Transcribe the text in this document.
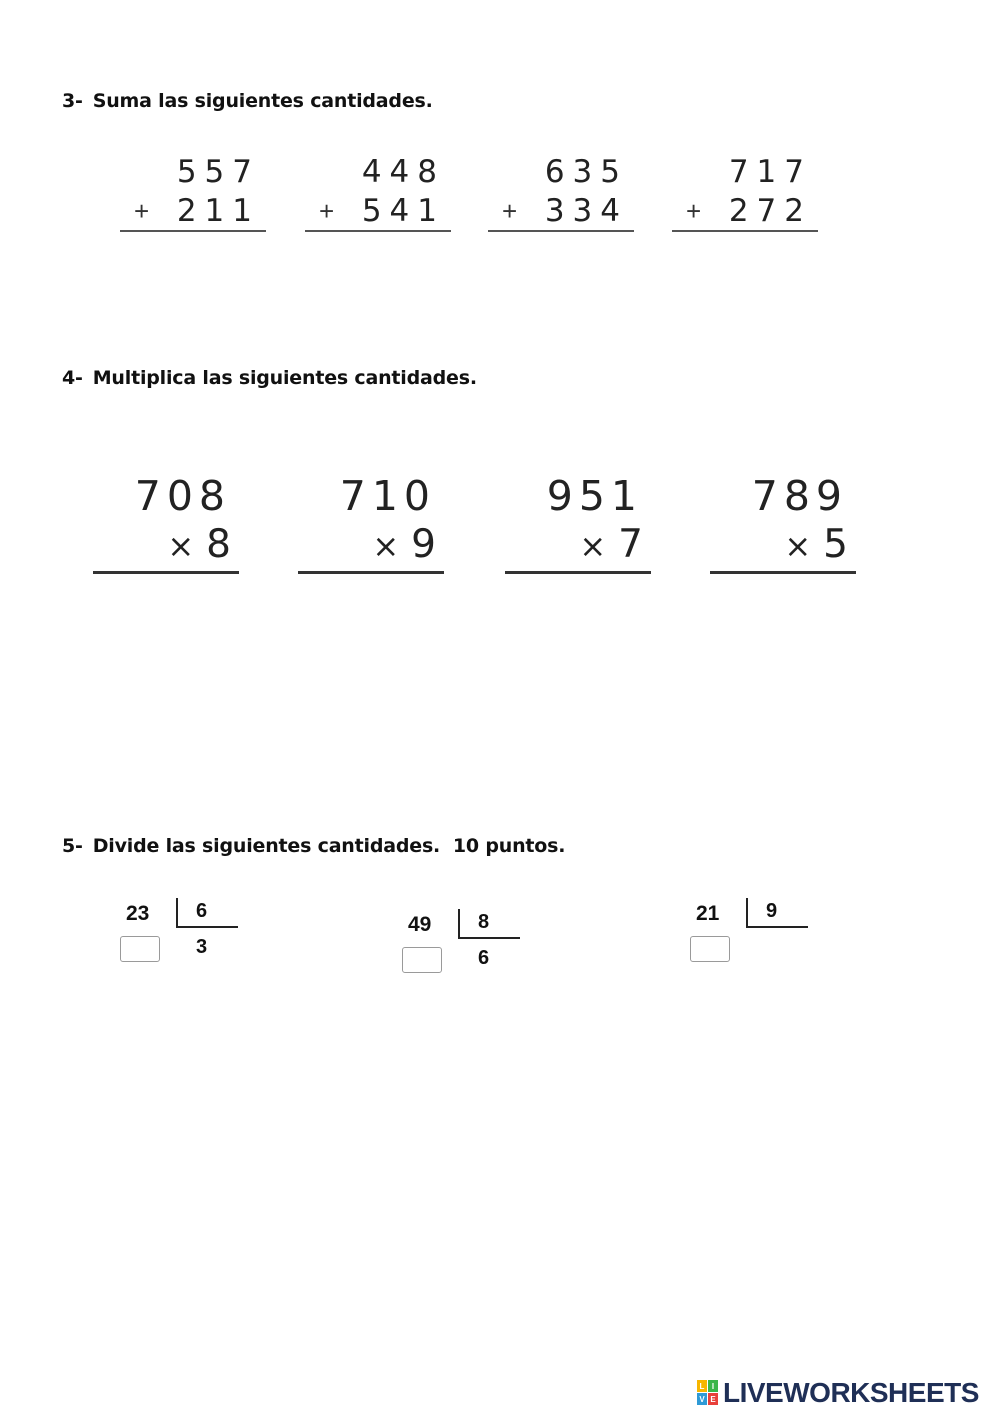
3- Suma las siguientes cantidades.
557
+ 211
448
+ 541
635
+ 334
717
+ 272
4- Multiplica las siguientes cantidades.
708
× 8
710
× 9
951
× 7
789
× 5
5- Divide las siguientes cantidades.  10 puntos.
23 6
3
49 8
6
21 9
L I
V E LIVEWORKSHEETS
